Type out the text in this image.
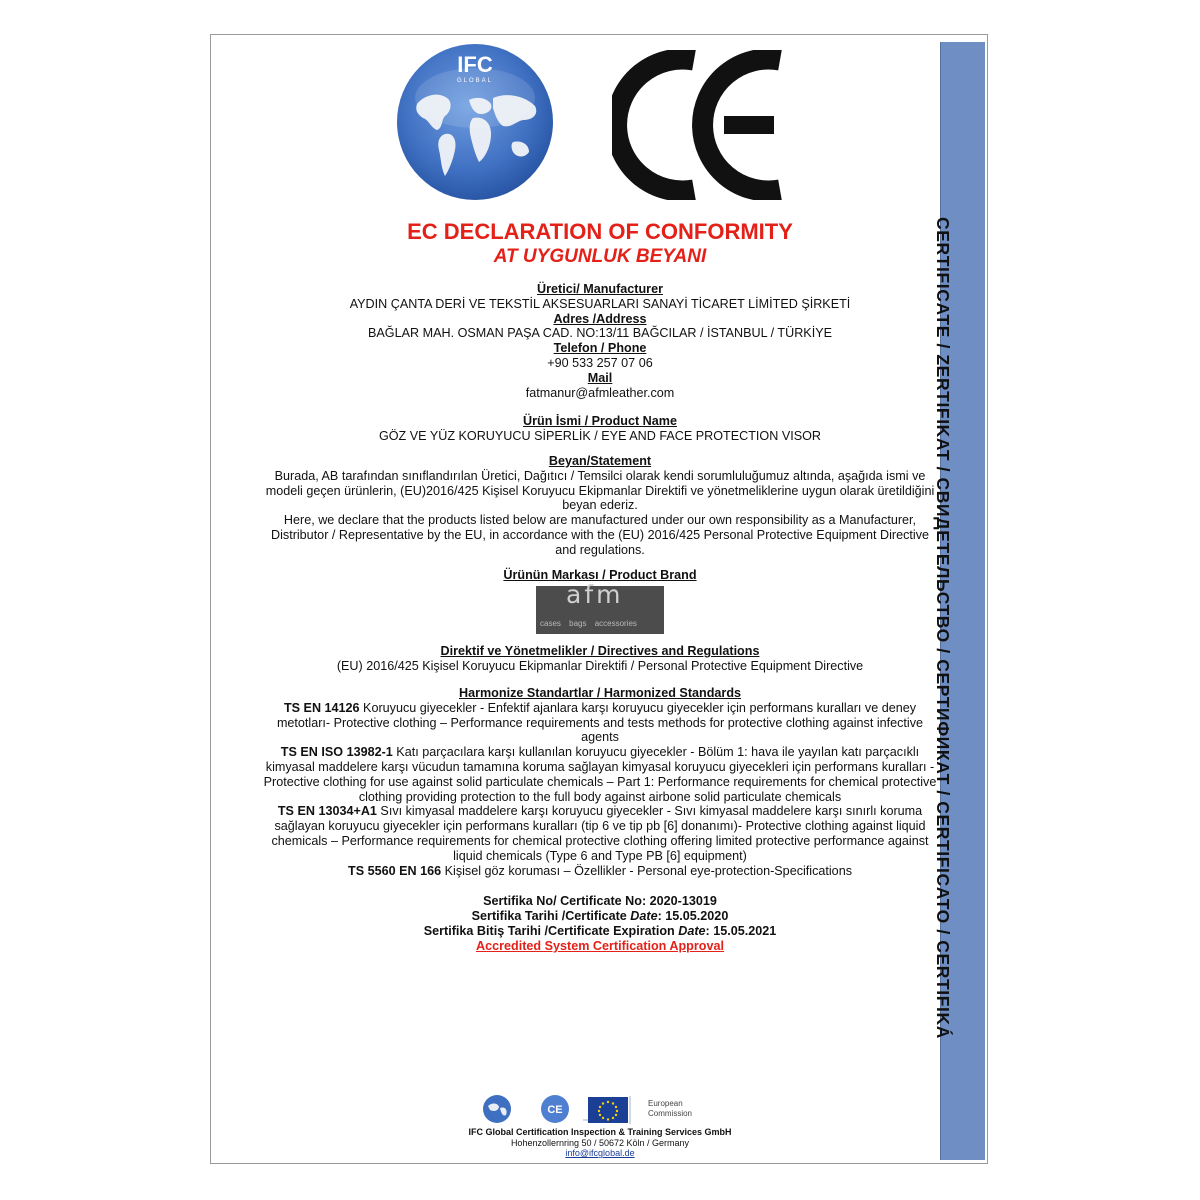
CERTIFICATE / ZERTIFIKAT / СВИДЕТЕЛЬСТВО / СЕРТИФИКАТ / CERTIFICATO / CERTIFIKÁ
IFC
GLOBAL
EC DECLARATION OF CONFORMITY
AT UYGUNLUK BEYANI
Üretici/ Manufacturer
AYDIN ÇANTA DERİ VE TEKSTİL AKSESUARLARI SANAYİ TİCARET LİMİTED ŞİRKETİ
Adres /Address
BAĞLAR MAH. OSMAN PAŞA CAD. NO:13/11 BAĞCILAR / İSTANBUL / TÜRKİYE
Telefon / Phone
+90 533 257 07 06
Mail
fatmanur@afmleather.com
Ürün İsmi / Product Name
GÖZ VE YÜZ KORUYUCU SİPERLİK / EYE AND FACE PROTECTION VISOR
Beyan/Statement
Burada, AB tarafından sınıflandırılan Üretici, Dağıtıcı / Temsilci olarak kendi sorumluluğumuz altında, aşağıda ismi ve modeli geçen ürünlerin, (EU)2016/425 Kişisel Koruyucu Ekipmanlar Direktifi ve yönetmeliklerine uygun olarak üretildiğini beyan ederiz.
Here, we declare that the products listed below are manufactured under our own responsibility as a Manufacturer, Distributor / Representative by the EU, in accordance with the (EU) 2016/425 Personal Protective Equipment Directive and regulations.
Ürünün Markası / Product Brand
afm
cases bags accessories
Direktif ve Yönetmelikler / Directives and Regulations
(EU) 2016/425 Kişisel Koruyucu Ekipmanlar Direktifi / Personal Protective Equipment Directive
Harmonize Standartlar / Harmonized Standards
TS EN 14126 Koruyucu giyecekler - Enfektif ajanlara karşı koruyucu giyecekler için performans kuralları ve deney metotları- Protective clothing – Performance requirements and tests methods for protective clothing against infective agents
TS EN ISO 13982-1 Katı parçacılara karşı kullanılan koruyucu giyecekler - Bölüm 1: hava ile yayılan katı parçacıklı kimyasal maddelere karşı vücudun tamamına koruma sağlayan kimyasal koruyucu giyecekleri için performans kuralları -Protective clothing for use against solid particulate chemicals – Part 1: Performance requirements for chemical protective clothing providing protection to the full body against airbone solid particulate chemicals
TS EN 13034+A1 Sıvı kimyasal maddelere karşı koruyucu giyecekler - Sıvı kimyasal maddelere karşı sınırlı koruma sağlayan koruyucu giyecekler için performans kuralları (tip 6 ve tip pb [6] donanımı)- Protective clothing against liquid chemicals – Performance requirements for chemical protective clothing offering limited protective performance against liquid chemicals (Type 6 and Type PB [6] equipment)
TS 5560 EN 166 Kişisel göz koruması – Özellikler - Personal eye-protection-Specifications
Sertifika No/ Certificate No: 2020-13019
Sertifika Tarihi /Certificate Date: 15.05.2020
Sertifika Bitiş Tarihi /Certificate Expiration Date: 15.05.2021
Accredited System Certification Approval
CE
European
Commission
IFC Global Certification Inspection & Training Services GmbH
Hohenzollernring 50 / 50672 Köln / Germany
info@ifcglobal.de
